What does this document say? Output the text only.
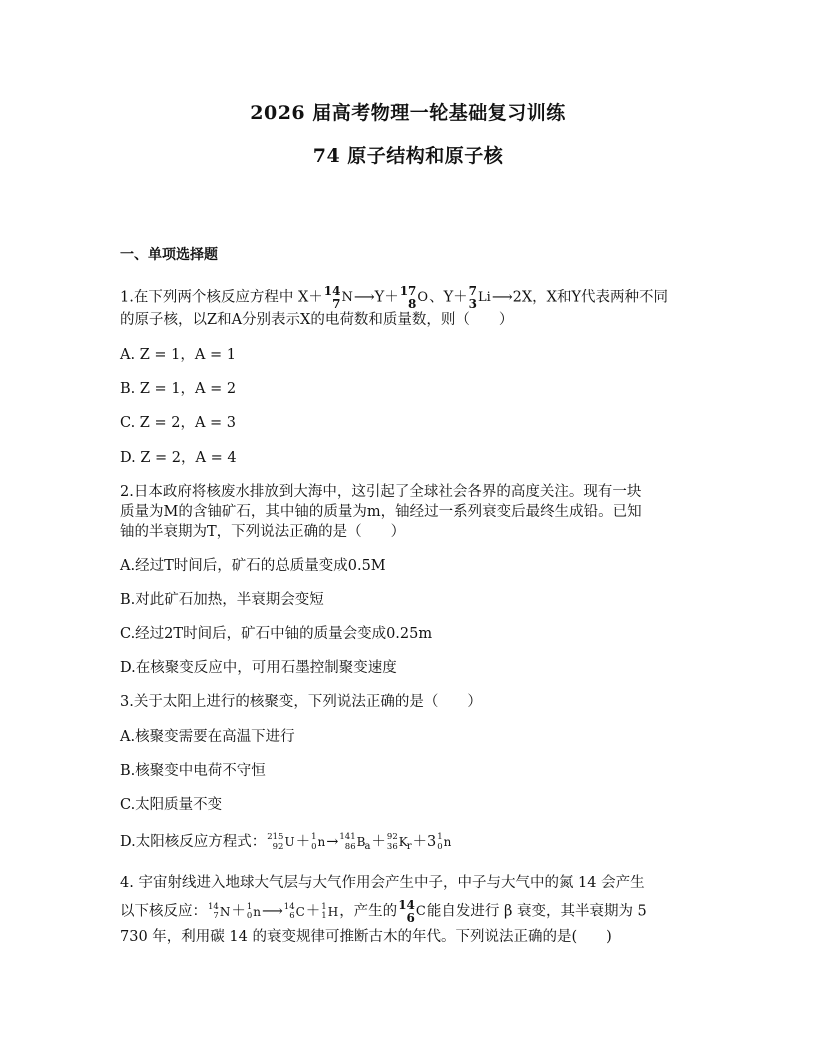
2026 届高考物理一轮基础复习训练
74 原子结构和原子核
一、单项选择题
1.在下列两个核反应方程中 X＋ 14
7 N ⟶Y＋ 17
8 O 、Y＋ 7
3 Li ⟶2X，X和Y代表两种不同
的原子核，以Z和A分别表示X的电荷数和质量数，则（　　）
A. Z = 1，A = 1
B. Z = 1，A = 2
C. Z = 2，A = 3
D. Z = 2，A = 4
2.日本政府将核废水排放到大海中，这引起了全球社会各界的高度关注。现有一块
质量为M的含铀矿石，其中铀的质量为m，铀经过一系列衰变后最终生成铅。已知
铀的半衰期为T，下列说法正确的是（　　）
A.经过T时间后，矿石的总质量变成0.5M
B.对此矿石加热，半衰期会变短
C.经过2T时间后，矿石中铀的质量会变成0.25m
D.在核聚变反应中，可用石墨控制聚变速度
3.关于太阳上进行的核聚变，下列说法正确的是（　　）
A.核聚变需要在高温下进行
B.核聚变中电荷不守恒
C.太阳质量不变
D.太阳核反应方程式： 215
92 U ＋ 1
0 n → 141
86 B a ＋ 92
36 K r ＋3 1
0 n
4. 宇宙射线进入地球大气层与大气作用会产生中子，中子与大气中的氮 14 会产生
以下核反应： 14
7 N ＋ 1
0 n ⟶ 14
6 C ＋ 1
1 H ，产生的 14
6 C 能自发进行 β 衰变，其半衰期为 5
730 年，利用碳 14 的衰变规律可推断古木的年代。下列说法正确的是(　　)
